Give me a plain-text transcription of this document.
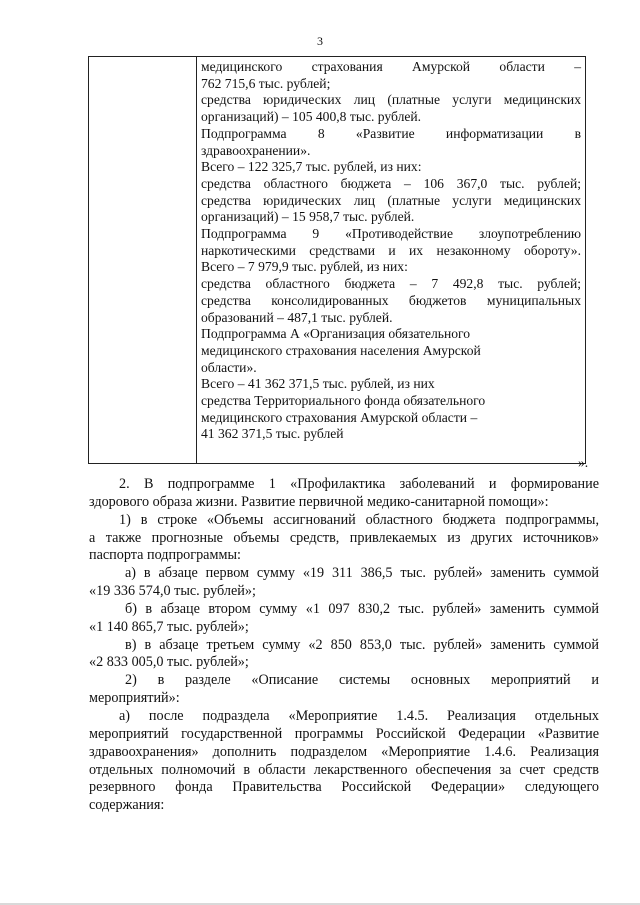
3
медицинского страхования Амурской области –
762 715,6 тыс. рублей;
средства юридических лиц (платные услуги медицинских
организаций) – 105 400,8 тыс. рублей.
Подпрограмма 8 «Развитие информатизации в
здравоохранении».
Всего – 122 325,7 тыс. рублей, из них:
средства областного бюджета – 106 367,0 тыс. рублей;
средства юридических лиц (платные услуги медицинских
организаций) – 15 958,7 тыс. рублей.
Подпрограмма 9 «Противодействие злоупотреблению
наркотическими средствами и их незаконному обороту».
Всего – 7 979,9 тыс. рублей, из них:
средства областного бюджета – 7 492,8 тыс. рублей;
средства консолидированных бюджетов муниципальных
образований – 487,1 тыс. рублей.
Подпрограмма А «Организация обязательного
медицинского страхования населения Амурской
области».
Всего – 41 362 371,5 тыс. рублей, из них
средства Территориального фонда обязательного
медицинского страхования Амурской области –
41 362 371,5 тыс. рублей
».
2. В подпрограмме 1 «Профилактика заболеваний и формирование
здорового образа жизни. Развитие первичной медико-санитарной помощи»:
1) в строке «Объемы ассигнований областного бюджета подпрограммы,
а также прогнозные объемы средств, привлекаемых из других источников»
паспорта подпрограммы:
а) в абзаце первом сумму «19 311 386,5 тыс. рублей» заменить суммой
«19 336 574,0 тыс. рублей»;
б) в абзаце втором сумму «1 097 830,2 тыс. рублей» заменить суммой
«1 140 865,7 тыс. рублей»;
в) в абзаце третьем сумму «2 850 853,0 тыс. рублей» заменить суммой
«2 833 005,0 тыс. рублей»;
2) в разделе «Описание системы основных мероприятий и
мероприятий»:
а) после подраздела «Мероприятие 1.4.5. Реализация отдельных
мероприятий государственной программы Российской Федерации «Развитие
здравоохранения» дополнить подразделом «Мероприятие 1.4.6. Реализация
отдельных полномочий в области лекарственного обеспечения за счет средств
резервного фонда Правительства Российской Федерации» следующего
содержания:
